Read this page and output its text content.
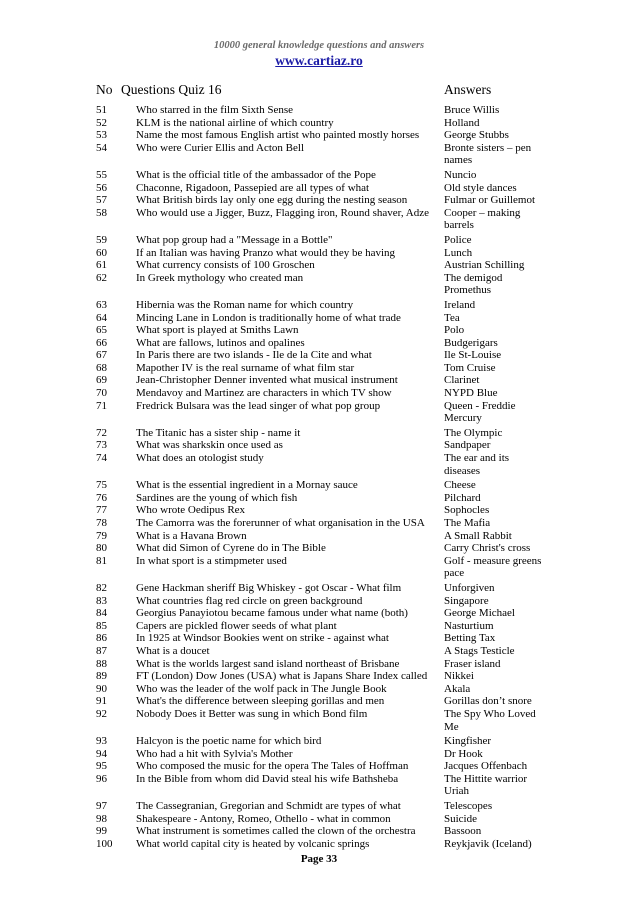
10000 general knowledge questions and answers
www.cartiaz.ro
No Questions Quiz 16	Answers
51	Who starred in the film Sixth Sense	Bruce Willis
52	KLM is the national airline of which country	Holland
53	Name the most famous English artist who painted mostly horses	George Stubbs
54	Who were Curier Ellis and Acton Bell	Bronte sisters – pen names
55	What is the official title of the ambassador of the Pope	Nuncio
56	Chaconne, Rigadoon, Passepied are all types of what	Old style dances
57	What British birds lay only one egg during the nesting season	Fulmar or Guillemot
58	Who would use a Jigger, Buzz, Flagging iron, Round shaver, Adze	Cooper – making barrels
59	What pop group had a "Message in a Bottle"	Police
60	If an Italian was having Pranzo what would they be having	Lunch
61	What currency consists of 100 Groschen	Austrian Schilling
62	In Greek mythology who created man	The demigod Promethus
63	Hibernia was the Roman name for which country	Ireland
64	Mincing Lane in London is traditionally home of what trade	Tea
65	What sport is played at Smiths Lawn	Polo
66	What are fallows, lutinos and opalines	Budgerigars
67	In Paris there are two islands - Ile de la Cite and what	Ile St-Louise
68	Mapother IV is the real surname of what film star	Tom Cruise
69	Jean-Christopher Denner invented what musical instrument	Clarinet
70	Mendavoy and Martinez are characters in which TV show	NYPD Blue
71	Fredrick Bulsara was the lead singer of what pop group	Queen - Freddie Mercury
72	The Titanic has a sister ship - name it	The Olympic
73	What was sharkskin once used as	Sandpaper
74	What does an otologist study	The ear and its diseases
75	What is the essential ingredient in a Mornay sauce	Cheese
76	Sardines are the young of which fish	Pilchard
77	Who wrote Oedipus Rex	Sophocles
78	The Camorra was the forerunner of what organisation in the USA	The Mafia
79	What is a Havana Brown	A Small Rabbit
80	What did Simon of Cyrene do in The Bible	Carry Christ's cross
81	In what sport is a stimpmeter used	Golf - measure greens pace
82	Gene Hackman sheriff Big Whiskey - got Oscar - What film	Unforgiven
83	What countries flag red circle on green background	Singapore
84	Georgius Panayiotou became famous under what name (both)	George Michael
85	Capers are pickled flower seeds of what plant	Nasturtium
86	In 1925 at Windsor Bookies went on strike - against what	Betting Tax
87	What is a doucet	A Stags Testicle
88	What is the worlds largest sand island northeast of Brisbane	Fraser island
89	FT (London) Dow Jones (USA) what is Japans Share Index called	Nikkei
90	Who was the leader of the wolf pack in The Jungle Book	Akala
91	What's the difference between sleeping gorillas and men	Gorillas don’t snore
92	Nobody Does it Better was sung in which Bond film	The Spy Who Loved Me
93	Halcyon is the poetic name for which bird	Kingfisher
94	Who had a hit with Sylvia's Mother	Dr Hook
95	Who composed the music for the opera The Tales of Hoffman	Jacques Offenbach
96	In the Bible from whom did David steal his wife Bathsheba	The Hittite warrior Uriah
97	The Cassegranian, Gregorian and Schmidt are types of what	Telescopes
98	Shakespeare - Antony, Romeo, Othello - what in common	Suicide
99	What instrument is sometimes called the clown of the orchestra	Bassoon
100	What world capital city is heated by volcanic springs	Reykjavik (Iceland)
Page 33
